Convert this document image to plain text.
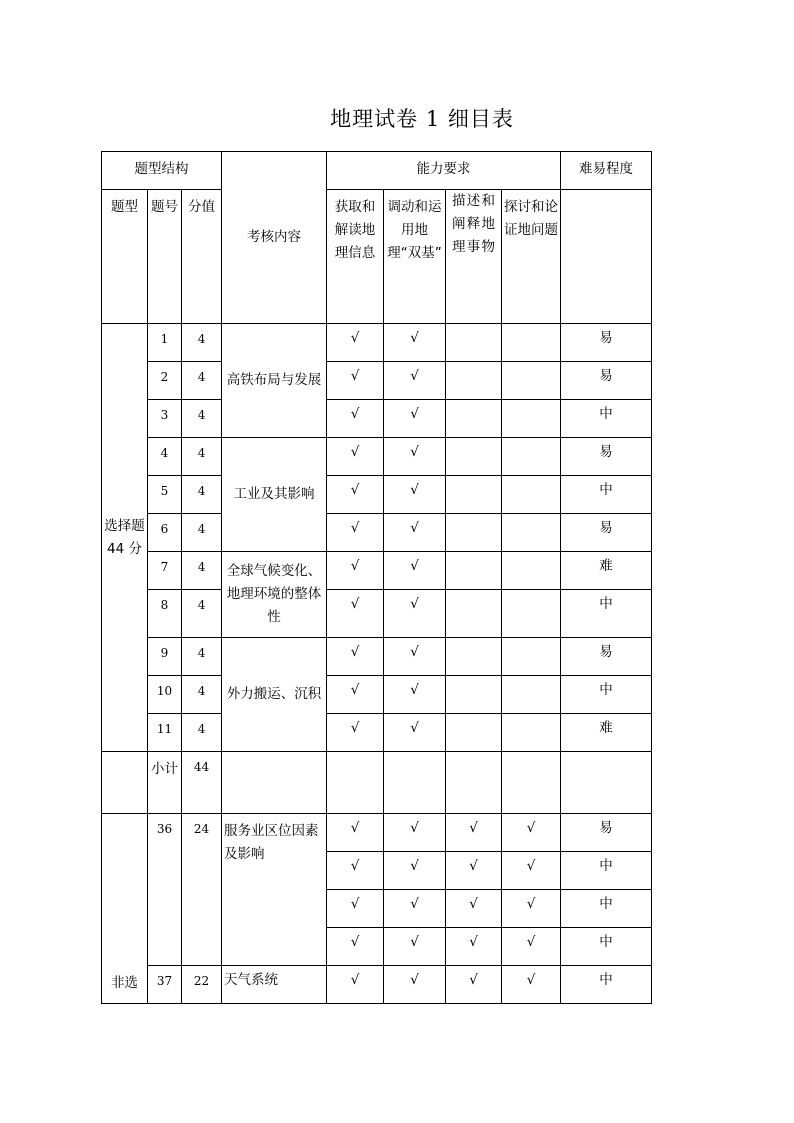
地理试卷 1 细目表
题型结构			考核内容	能力要求				难易程度
题型	题号	分值		获取和解读地理信息	调动和运用地理“双基”	描述和阐释地理事物	探讨和论证地问题	
选择题 44 分	1	4	高铁布局与发展	√	√			易
	2	4		√	√			易
	3	4		√	√			中
	4	4	工业及其影响	√	√			易
	5	4		√	√			中
	6	4		√	√			易
	7	4	全球气候变化、地理环境的整体性	√	√			难
	8	4		√	√			中
	9	4	外力搬运、沉积	√	√			易
	10	4		√	√			中
	11	4		√	√			难
	小计	44						
非选	36	24	服务业区位因素及影响	√	√	√	√	易
				√	√	√	√	中
				√	√	√	√	中
				√	√	√	√	中
	37	22	天气系统	√	√	√	√	中
